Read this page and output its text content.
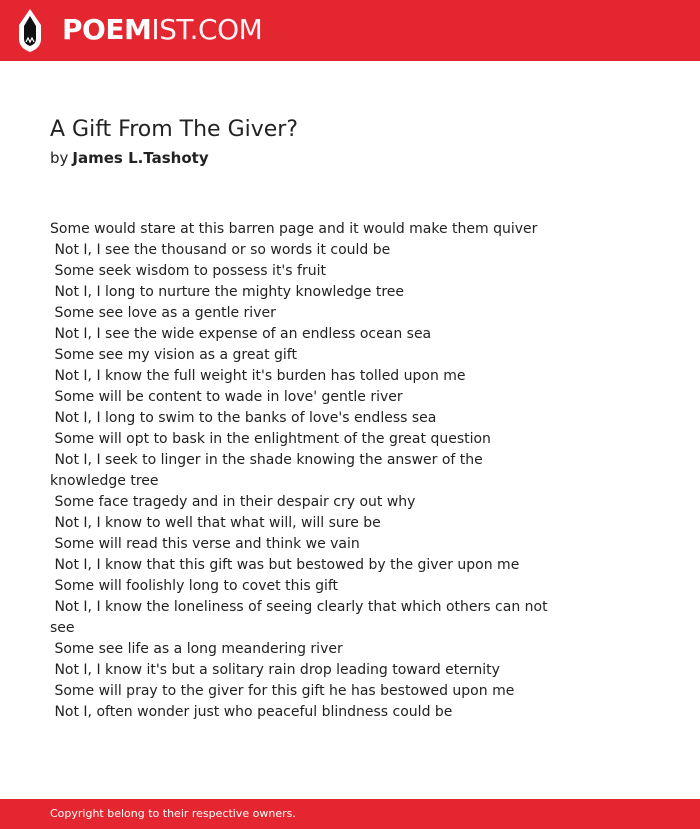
POEMIST.COM
A Gift From The Giver?
by James L.Tashoty
Some would stare at this barren page and it would make them quiver
Not I, I see the thousand or so words it could be
Some seek wisdom to possess it's fruit
Not I, I long to nurture the mighty knowledge tree
Some see love as a gentle river
Not I, I see the wide expense of an endless ocean sea
Some see my vision as a great gift
Not I, I know the full weight it's burden has tolled upon me
Some will be content to wade in love' gentle river
Not I, I long to swim to the banks of love's endless sea
Some will opt to bask in the enlightment of the great question
Not I, I seek to linger in the shade knowing the answer of the knowledge tree
Some face tragedy and in their despair cry out why
Not I, I know to well that what will, will sure be
Some will read this verse and think we vain
Not I, I know that this gift was but bestowed by the giver upon me
Some will foolishly long to covet this gift
Not I, I know the loneliness of seeing clearly that which others can not see
Some see life as a long meandering river
Not I, I know it's but a solitary rain drop leading toward eternity
Some will pray to the giver for this gift he has bestowed upon me
Not I, often wonder just who peaceful blindness could be
Copyright belong to their respective owners.
